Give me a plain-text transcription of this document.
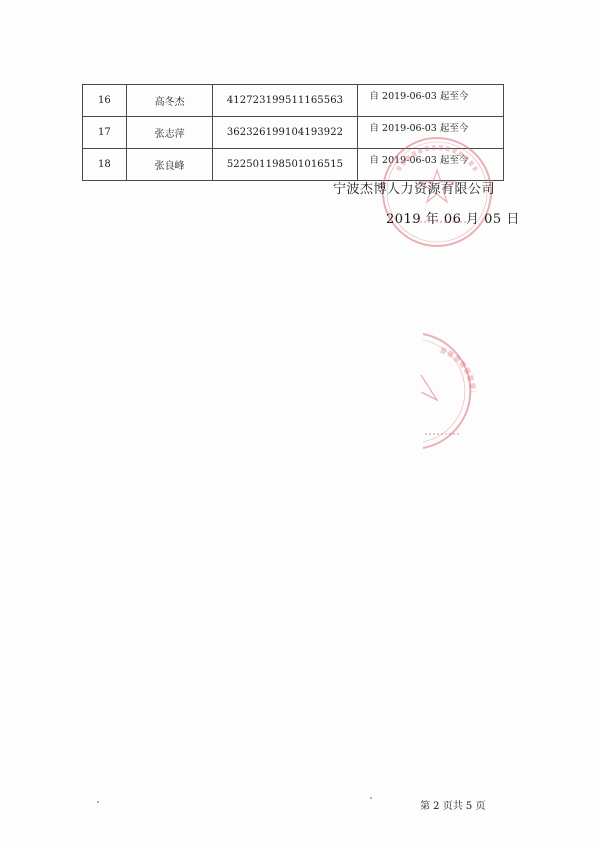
16	高冬杰	412723199511165563	自 2019-06-03 起至今
17	张志萍	362326199104193922	自 2019-06-03 起至今
18	张良峰	522501198501016515	自 2019-06-03 起至今
宁波杰博人力资源有限公司
2019 年 06 月 05 日
第 2 页共 5 页
